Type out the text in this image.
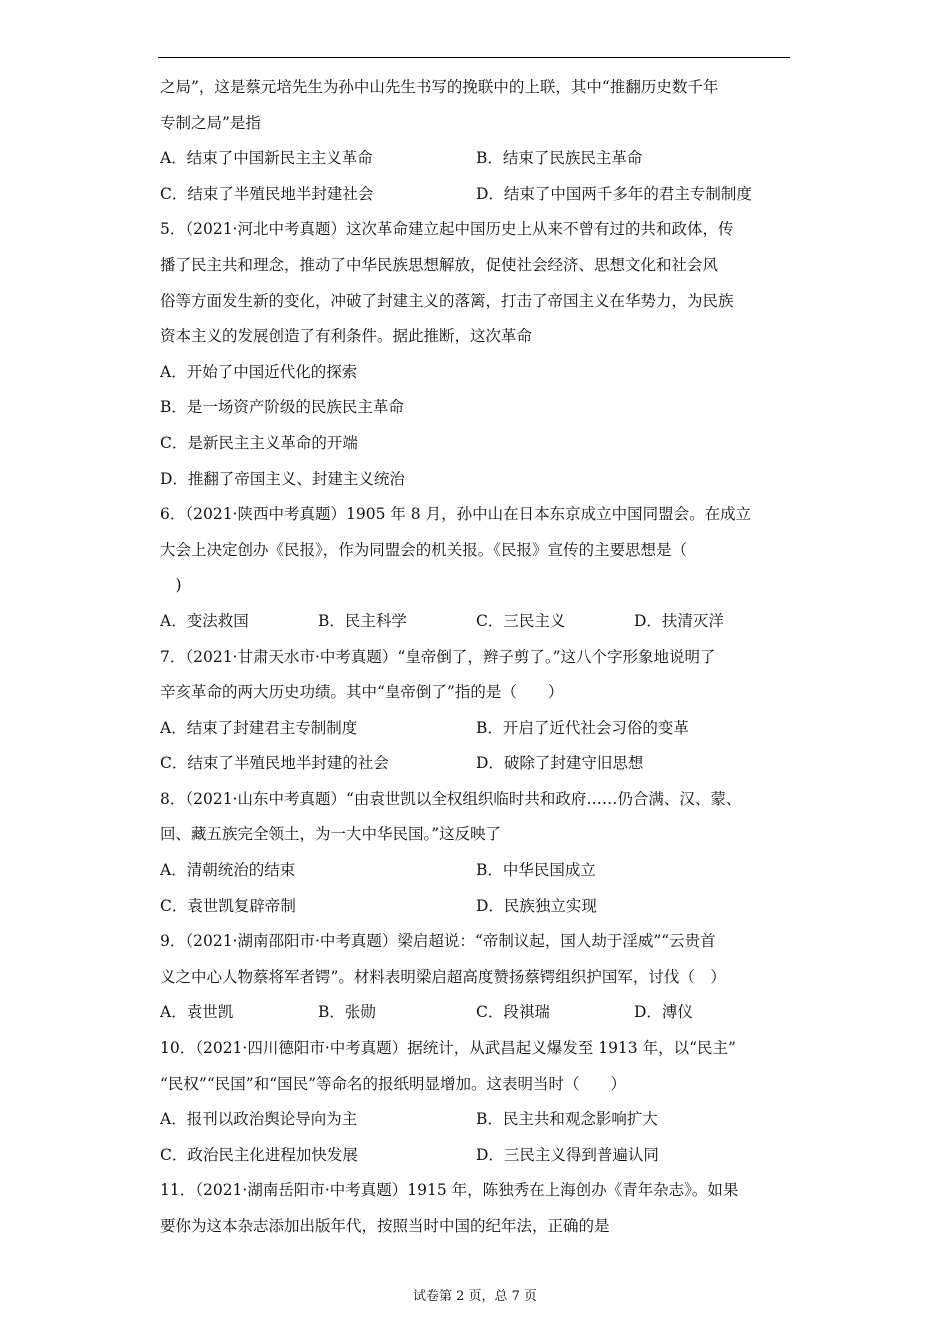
之局”，这是蔡元培先生为孙中山先生书写的挽联中的上联，其中“推翻历史数千年
专制之局”是指
A．结束了中国新民主主义革命	B．结束了民族民主革命
C．结束了半殖民地半封建社会	D．结束了中国两千多年的君主专制制度
5．（2021·河北中考真题）这次革命建立起中国历史上从来不曾有过的共和政体，传
播了民主共和理念，推动了中华民族思想解放，促使社会经济、思想文化和社会风
俗等方面发生新的变化，冲破了封建主义的落篱，打击了帝国主义在华势力，为民族
资本主义的发展创造了有利条件。据此推断，这次革命
A．开始了中国近代化的探索
B．是一场资产阶级的民族民主革命
C．是新民主主义革命的开端
D．推翻了帝国主义、封建主义统治
6．（2021·陕西中考真题）1905 年 8 月，孙中山在日本东京成立中国同盟会。在成立
大会上决定创办《民报》，作为同盟会的机关报。《民报》宣传的主要思想是（
　)
A．变法救国	B．民主科学	C．三民主义	D．扶清灭洋
7．（2021·甘肃天水市·中考真题）“皇帝倒了，辫子剪了。”这八个字形象地说明了
辛亥革命的两大历史功绩。其中“皇帝倒了”指的是（　　）
A．结束了封建君主专制制度	B．开启了近代社会习俗的变革
C．结束了半殖民地半封建的社会	D．破除了封建守旧思想
8．（2021·山东中考真题）“由袁世凯以全权组织临时共和政府……仍合满、汉、蒙、
回、藏五族完全领土，为一大中华民国。”这反映了
A．清朝统治的结束	B．中华民国成立
C．袁世凯复辟帝制	D．民族独立实现
9．（2021·湖南邵阳市·中考真题）梁启超说：“帝制议起，国人劫于淫威”“云贵首
义之中心人物蔡将军者锷”。材料表明梁启超高度赞扬蔡锷组织护国军，讨伐（　）
A．袁世凯	B．张勋	C．段祺瑞	D．溥仪
10．（2021·四川德阳市·中考真题）据统计，从武昌起义爆发至 1913 年，以“民主”
“民权”“民国”和“国民”等命名的报纸明显增加。这表明当时（　　）
A．报刊以政治舆论导向为主	B．民主共和观念影响扩大
C．政治民主化进程加快发展	D．三民主义得到普遍认同
11．（2021·湖南岳阳市·中考真题）1915 年，陈独秀在上海创办《青年杂志》。如果
要你为这本杂志添加出版年代，按照当时中国的纪年法，正确的是
试卷第 2 页，总 7 页
